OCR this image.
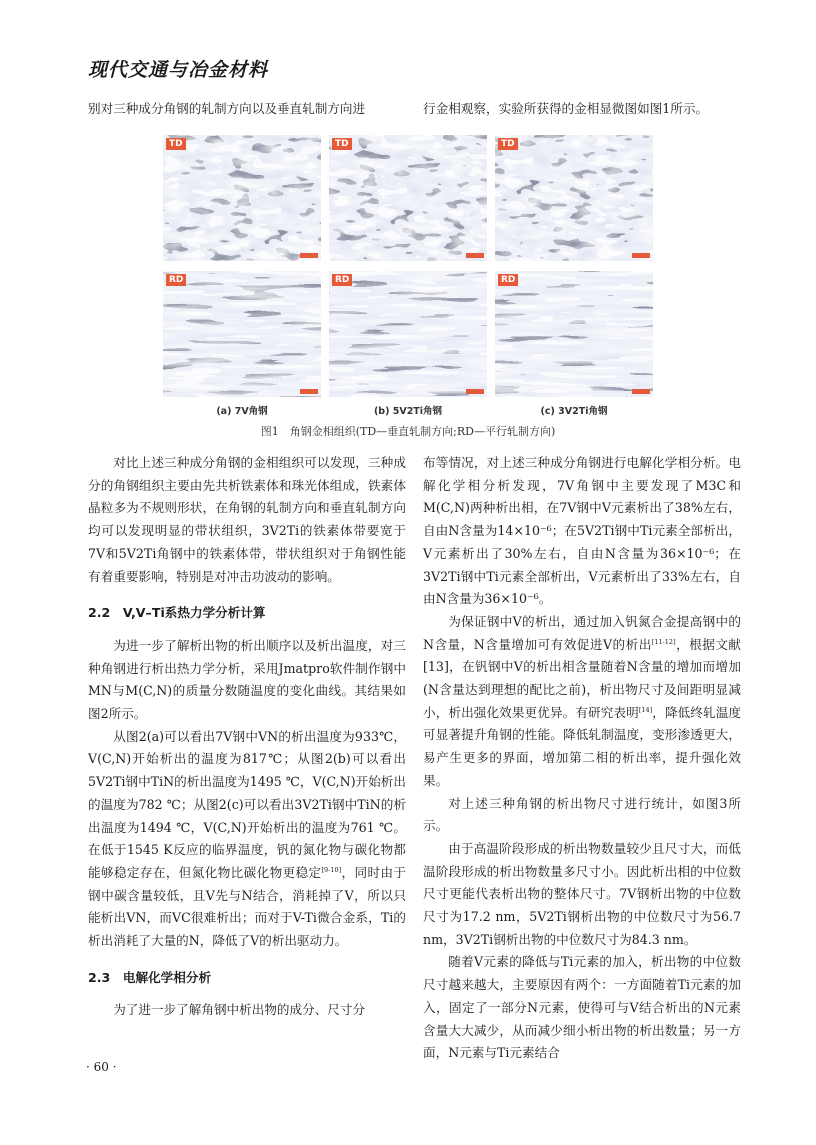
现代交通与冶金材料
别对三种成分角钢的轧制方向以及垂直轧制方向进	行金相观察，实验所获得的金相显微图如图1所示。
TD	TD	TD
RD	RD	RD
(a) 7V角钢	(b) 5V2Ti角钢	(c) 3V2Ti角钢
图1　角钢金相组织(TD—垂直轧制方向;RD—平行轧制方向)

对比上述三种成分角钢的金相组织可以发现，三种成分的角钢组织主要由先共析铁素体和珠光体组成，铁素体晶粒多为不规则形状，在角钢的轧制方向和垂直轧制方向均可以发现明显的带状组织，3V2Ti的铁素体带要宽于7V和5V2Ti角钢中的铁素体带，带状组织对于角钢性能有着重要影响，特别是对冲击功波动的影响。

2.2　V,V–Ti系热力学分析计算

为进一步了解析出物的析出顺序以及析出温度，对三种角钢进行析出热力学分析，采用Jmatpro软件制作钢中MN与M(C,N)的质量分数随温度的变化曲线。其结果如图2所示。

从图2(a)可以看出7V钢中VN的析出温度为933℃，V(C,N)开始析出的温度为817℃；从图2(b)可以看出5V2Ti钢中TiN的析出温度为1495 ℃，V(C,N)开始析出的温度为782 ℃；从图2(c)可以看出3V2Ti钢中TiN的析出温度为1494 ℃，V(C,N)开始析出的温度为761 ℃。在低于1545 K反应的临界温度，钒的氮化物与碳化物都能够稳定存在，但氮化物比碳化物更稳定[9-10]，同时由于钢中碳含量较低，且V先与N结合，消耗掉了V，所以只能析出VN，而VC很难析出；而对于V-Ti微合金系，Ti的析出消耗了大量的N，降低了V的析出驱动力。

2.3　电解化学相分析

为了进一步了解角钢中析出物的成分、尺寸分

布等情况，对上述三种成分角钢进行电解化学相分析。电解化学相分析发现，7V角钢中主要发现了M3C和M(C,N)两种析出相，在7V钢中V元素析出了38%左右，自由N含量为14×10⁻⁶；在5V2Ti钢中Ti元素全部析出，V元素析出了30%左右，自由N含量为36×10⁻⁶；在3V2Ti钢中Ti元素全部析出，V元素析出了33%左右，自由N含量为36×10⁻⁶。

为保证钢中V的析出，通过加入钒氮合金提高钢中的N含量，N含量增加可有效促进V的析出[11-12]，根据文献[13]，在钒钢中V的析出相含量随着N含量的增加而增加(N含量达到理想的配比之前)，析出物尺寸及间距明显减小，析出强化效果更优异。有研究表明[14]，降低终轧温度可显著提升角钢的性能。降低轧制温度，变形渗透更大，易产生更多的界面，增加第二相的析出率，提升强化效果。

对上述三种角钢的析出物尺寸进行统计，如图3所示。

由于高温阶段形成的析出物数量较少且尺寸大，而低温阶段形成的析出物数量多尺寸小。因此析出相的中位数尺寸更能代表析出物的整体尺寸。7V钢析出物的中位数尺寸为17.2 nm，5V2Ti钢析出物的中位数尺寸为56.7 nm，3V2Ti钢析出物的中位数尺寸为84.3 nm。

随着V元素的降低与Ti元素的加入，析出物的中位数尺寸越来越大，主要原因有两个：一方面随着Ti元素的加入，固定了一部分N元素，使得可与V结合析出的N元素含量大大减少，从而减少细小析出物的析出数量；另一方面，N元素与Ti元素结合

· 60 ·
